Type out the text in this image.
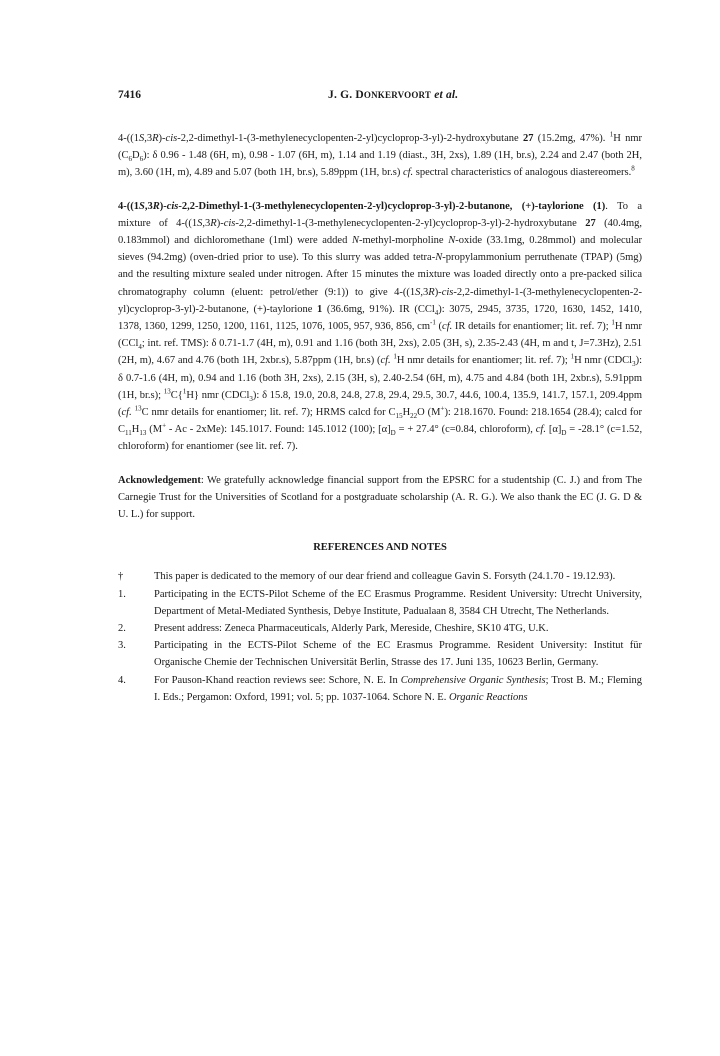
7416	J. G. DONKERVOORT et al.

4-((1S,3R)-cis-2,2-dimethyl-1-(3-methylenecyclopenten-2-yl)cycloprop-3-yl)-2-hydroxybutane 27 (15.2mg, 47%). $^1$H nmr $(C_6D_6)$: δ 0.96 - 1.48 (6H, m), 0.98 - 1.07 (6H, m), 1.14 and 1.19 (diast., 3H, 2xs), 1.89 (1H, br.s), 2.24 and 2.47 (both 2H, m), 3.60 (1H, m), 4.89 and 5.07 (both 1H, br.s), 5.89ppm (1H, br.s) cf. spectral characteristics of analogous diastereomers.$^8$

4-((1S,3R)-cis-2,2-Dimethyl-1-(3-methylenecyclopenten-2-yl)cycloprop-3-yl)-2-butanone, (+)-taylorione (1). To a mixture of 4-((1S,3R)-cis-2,2-dimethyl-1-(3-methylenecyclopenten-2-yl)cycloprop-3-yl)-2-hydroxybutane 27 (40.4mg, 0.183mmol) and dichloromethane (1ml) were added N-methyl-morpholine N-oxide (33.1mg, 0.28mmol) and molecular sieves (94.2mg) (oven-dried prior to use). To this slurry was added tetra-N-propylammonium perruthenate (TPAP) (5mg) and the resulting mixture sealed under nitrogen. After 15 minutes the mixture was loaded directly onto a pre-packed silica chromatography column (eluent: petrol/ether (9:1)) to give 4-((1S,3R)-cis-2,2-dimethyl-1-(3-methylenecyclopenten-2-yl)cycloprop-3-yl)-2-butanone, (+)-taylorione 1 (36.6mg, 91%). IR (CCl$_4$): 3075, 2945, 3735, 1720, 1630, 1452, 1410, 1378, 1360, 1299, 1250, 1200, 1161, 1125, 1076, 1005, 957, 936, 856, $cm^{-1}$ (cf. IR details for enantiomer; lit. ref. 7); $^1$H nmr (CCl$_4$; int. ref. TMS): δ 0.71-1.7 (4H, m), 0.91 and 1.16 (both 3H, 2xs), 2.05 (3H, s), 2.35-2.43 (4H, m and t, J=7.3Hz), 2.51 (2H, m), 4.67 and 4.76 (both 1H, 2xbr.s), 5.87ppm (1H, br.s) (cf. $^1$H nmr details for enantiomer; lit. ref. 7); $^1$H nmr (CDCl$_3$): δ 0.7-1.6 (4H, m), 0.94 and 1.16 (both 3H, 2xs), 2.15 (3H, s), 2.40-2.54 (6H, m), 4.75 and 4.84 (both 1H, 2xbr.s), 5.91ppm (1H, br.s); $^{13}$C{$^1$H} nmr (CDCl$_3$): δ 15.8, 19.0, 20.8, 24.8, 27.8, 29.4, 29.5, 30.7, 44.6, 100.4, 135.9, 141.7, 157.1, 209.4ppm (cf. $^{13}$C nmr details for enantiomer; lit. ref. 7); HRMS calcd for $C_{15}H_{22}O$ (M+): 218.1670. Found: 218.1654 (28.4); calcd for $C_{11}H_{13}$ (M+ - Ac - 2xMe): 145.1017. Found: 145.1012 (100); $[\alpha]_D$ = + 27.4° (c=0.84, chloroform), cf. $[\alpha]_D = -28.1^\circ$ (c=1.52, chloroform) for enantiomer (see lit. ref. 7).

Acknowledgement: We gratefully acknowledge financial support from the EPSRC for a studentship (C. J.) and from The Carnegie Trust for the Universities of Scotland for a postgraduate scholarship (A. R. G.). We also thank the EC (J. G. D & U. L.) for support.

REFERENCES AND NOTES

†	This paper is dedicated to the memory of our dear friend and colleague Gavin S. Forsyth (24.1.70 - 19.12.93).
1.	Participating in the ECTS-Pilot Scheme of the EC Erasmus Programme. Resident University: Utrecht University, Department of Metal-Mediated Synthesis, Debye Institute, Padualaan 8, 3584 CH Utrecht, The Netherlands.
2.	Present address: Zeneca Pharmaceuticals, Alderly Park, Mereside, Cheshire, SK10 4TG, U.K.
3.	Participating in the ECTS-Pilot Scheme of the EC Erasmus Programme. Resident University: Institut für Organische Chemie der Technischen Universität Berlin, Strasse des 17. Juni 135, 10623 Berlin, Germany.
4.	For Pauson-Khand reaction reviews see: Schore, N. E. In Comprehensive Organic Synthesis; Trost B. M.; Fleming I. Eds.; Pergamon: Oxford, 1991; vol. 5; pp. 1037-1064. Schore N. E. Organic Reactions
